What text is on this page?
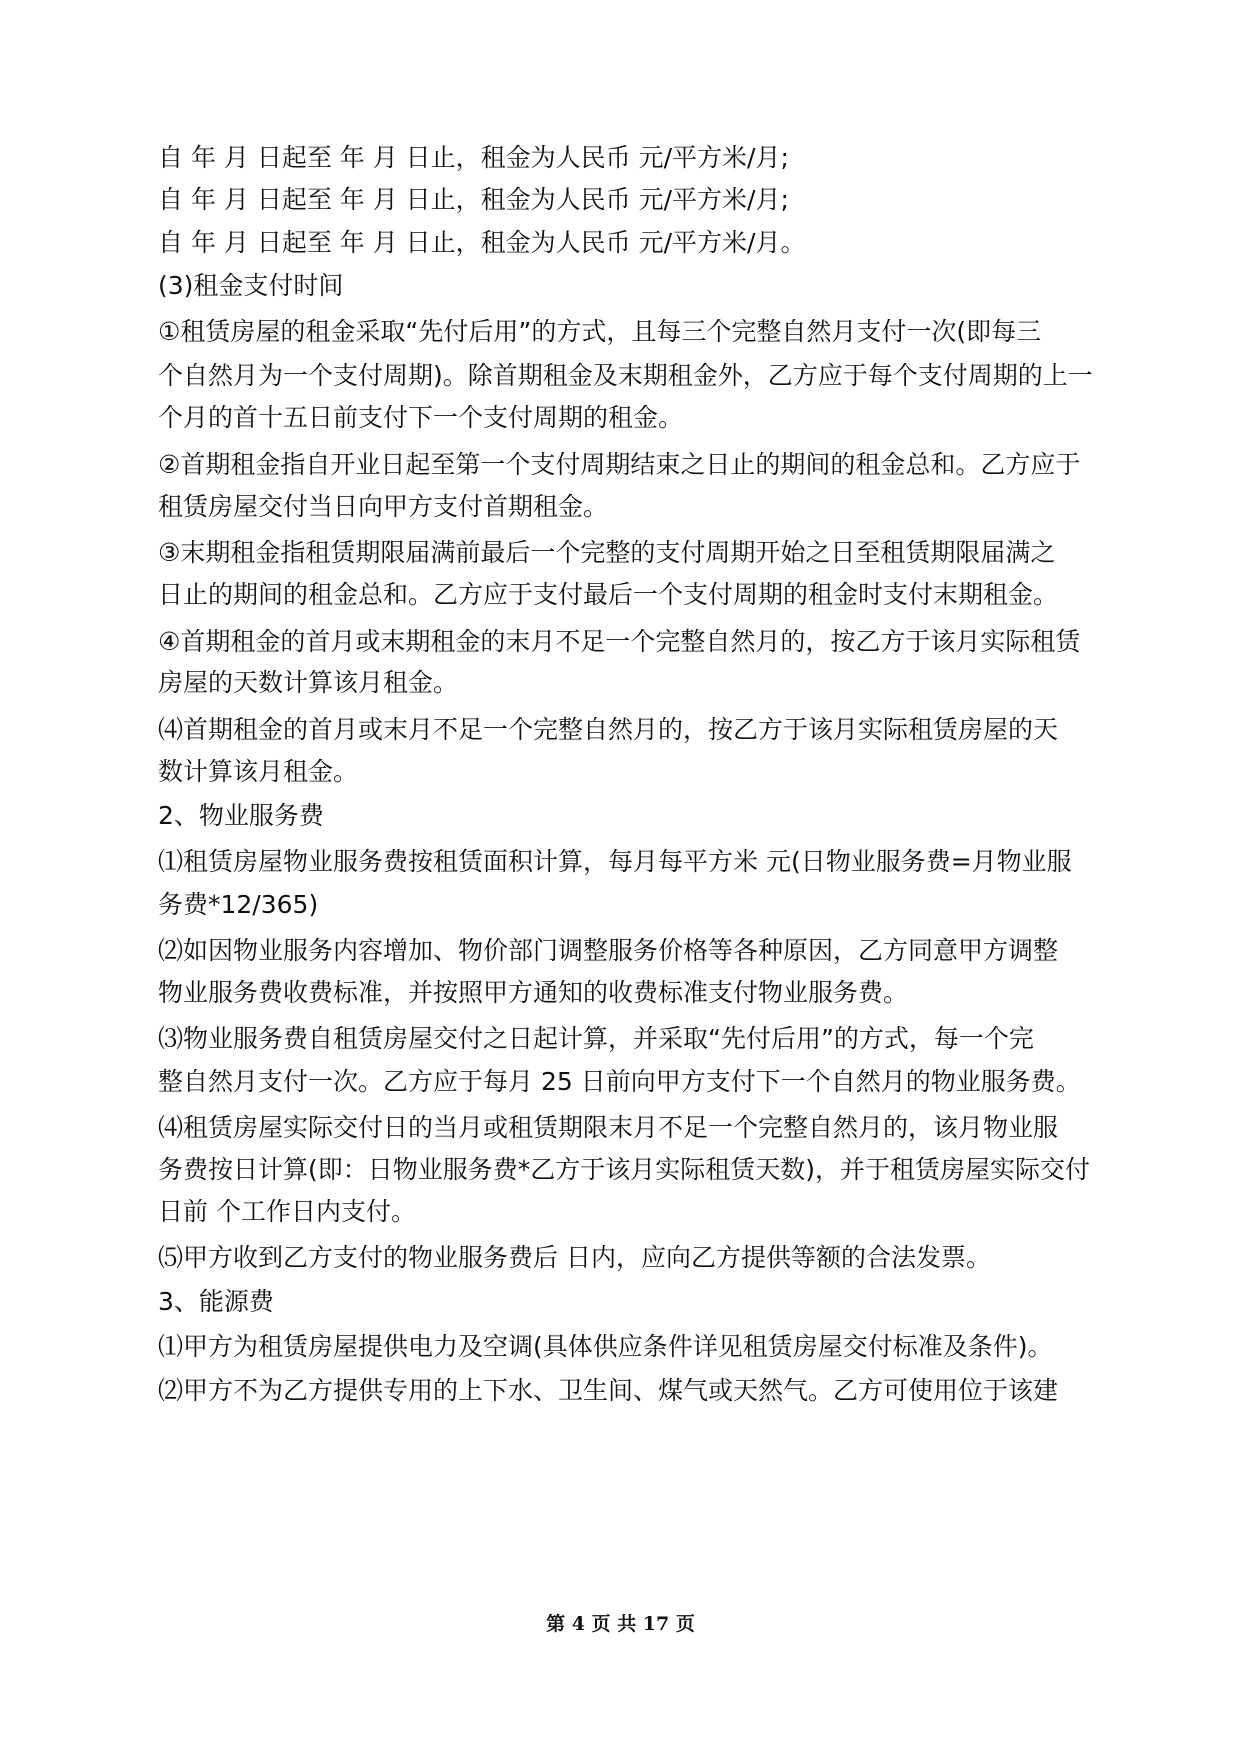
自 年 月 日起至 年 月 日止，租金为人民币 元/平方米/月;
自 年 月 日起至 年 月 日止，租金为人民币 元/平方米/月;
自 年 月 日起至 年 月 日止，租金为人民币 元/平方米/月。
(3)租金支付时间
①租赁房屋的租金采取“先付后用”的方式，且每三个完整自然月支付一次(即每三
个自然月为一个支付周期)。除首期租金及末期租金外，乙方应于每个支付周期的上一
个月的首十五日前支付下一个支付周期的租金。
②首期租金指自开业日起至第一个支付周期结束之日止的期间的租金总和。乙方应于
租赁房屋交付当日向甲方支付首期租金。
③末期租金指租赁期限届满前最后一个完整的支付周期开始之日至租赁期限届满之
日止的期间的租金总和。乙方应于支付最后一个支付周期的租金时支付末期租金。
④首期租金的首月或末期租金的末月不足一个完整自然月的，按乙方于该月实际租赁
房屋的天数计算该月租金。
⑷首期租金的首月或末月不足一个完整自然月的，按乙方于该月实际租赁房屋的天
数计算该月租金。
2、物业服务费
⑴租赁房屋物业服务费按租赁面积计算，每月每平方米 元(日物业服务费=月物业服
务费*12/365)
⑵如因物业服务内容增加、物价部门调整服务价格等各种原因，乙方同意甲方调整
物业服务费收费标准，并按照甲方通知的收费标准支付物业服务费。
⑶物业服务费自租赁房屋交付之日起计算，并采取“先付后用”的方式，每一个完
整自然月支付一次。乙方应于每月 25 日前向甲方支付下一个自然月的物业服务费。
⑷租赁房屋实际交付日的当月或租赁期限末月不足一个完整自然月的，该月物业服
务费按日计算(即：日物业服务费*乙方于该月实际租赁天数)，并于租赁房屋实际交付
日前 个工作日内支付。
⑸甲方收到乙方支付的物业服务费后 日内，应向乙方提供等额的合法发票。
3、能源费
⑴甲方为租赁房屋提供电力及空调(具体供应条件详见租赁房屋交付标准及条件)。
⑵甲方不为乙方提供专用的上下水、卫生间、煤气或天然气。乙方可使用位于该建
第 4 页 共 17 页
